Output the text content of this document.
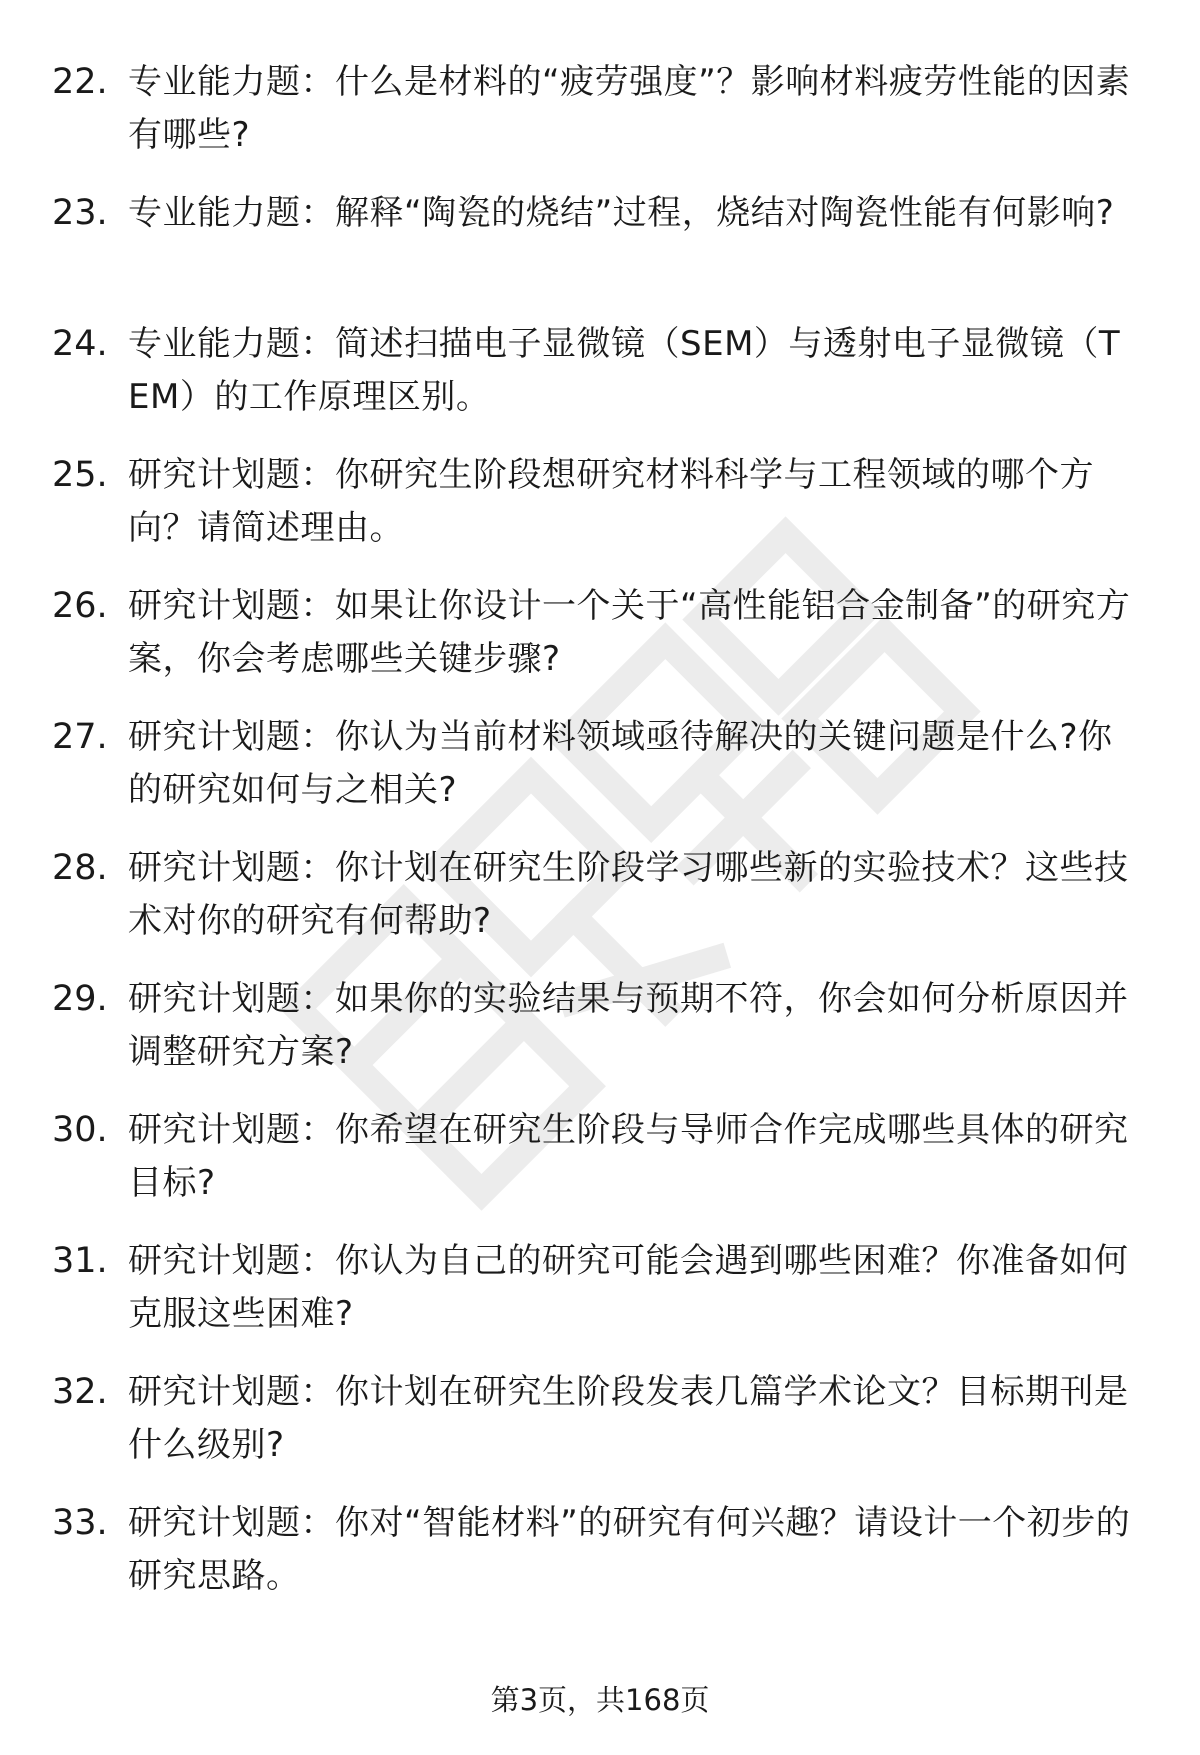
22. 专业能力题：什么是材料的“疲劳强度”？影响材料疲劳性能的因素有哪些?
23. 专业能力题：解释“陶瓷的烧结”过程，烧结对陶瓷性能有何影响?
24. 专业能力题：简述扫描电子显微镜（SEM）与透射电子显微镜（TEM）的工作原理区别。
25. 研究计划题：你研究生阶段想研究材料科学与工程领域的哪个方向？请简述理由。
26. 研究计划题：如果让你设计一个关于“高性能铝合金制备”的研究方案，你会考虑哪些关键步骤?
27. 研究计划题：你认为当前材料领域亟待解决的关键问题是什么?你的研究如何与之相关?
28. 研究计划题：你计划在研究生阶段学习哪些新的实验技术？这些技术对你的研究有何帮助?
29. 研究计划题：如果你的实验结果与预期不符，你会如何分析原因并调整研究方案?
30. 研究计划题：你希望在研究生阶段与导师合作完成哪些具体的研究目标?
31. 研究计划题：你认为自己的研究可能会遇到哪些困难？你准备如何克服这些困难?
32. 研究计划题：你计划在研究生阶段发表几篇学术论文？目标期刊是什么级别?
33. 研究计划题：你对“智能材料”的研究有何兴趣？请设计一个初步的研究思路。
第3页，共168页
